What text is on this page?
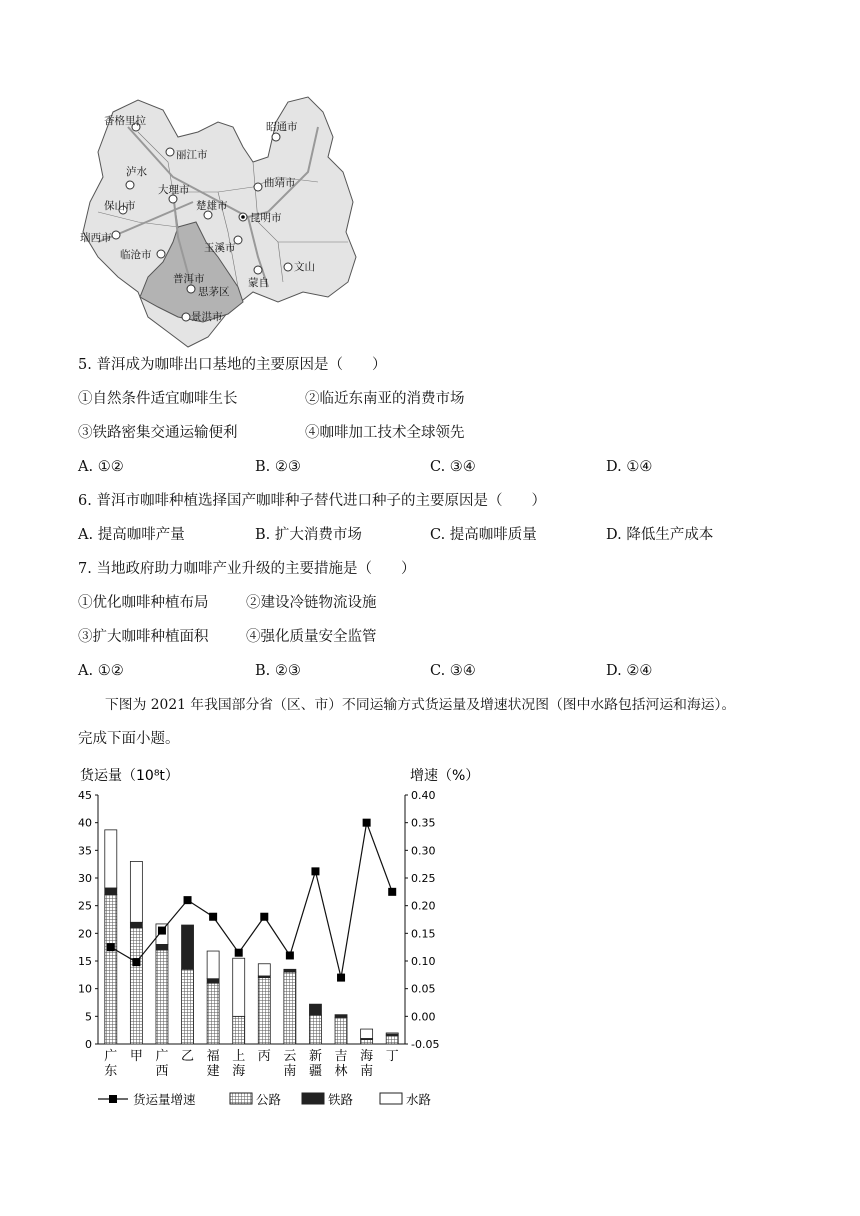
香格里拉
丽江市
泸水
大理市
保山市	楚雄市
昆明市
昭通市
曲靖市
瑞西市
临沧市
玉溪市
普洱市
思茅区
蒙自
文山
景洪市
5. 普洱成为咖啡出口基地的主要原因是（　　）
①自然条件适宜咖啡生长	②临近东南亚的消费市场
③铁路密集交通运输便利	④咖啡加工技术全球领先
A. ①②	B. ②③	C. ③④	D. ①④
6. 普洱市咖啡种植选择国产咖啡种子替代进口种子的主要原因是（　　）
A. 提高咖啡产量	B. 扩大消费市场	C. 提高咖啡质量	D. 降低生产成本
7. 当地政府助力咖啡产业升级的主要措施是（　　）
①优化咖啡种植布局	②建设冷链物流设施
③扩大咖啡种植面积	④强化质量安全监管
A. ①②	B. ②③	C. ③④	D. ②④
下图为 2021 年我国部分省（区、市）不同运输方式货运量及增速状况图（图中水路包括河运和海运）。
完成下面小题。
货运量（10⁸t）	增速（%）
0
5
10
15
20
25
30
35
40
45
-0.05
0.00
0.05
0.10
0.15
0.20
0.25
0.30
0.35
0.40
广
东
甲 广
西
乙 福
建
上
海
丙 云
南
新
疆
吉
林
海
南
丁
货运量增速	公路	铁路	水路
